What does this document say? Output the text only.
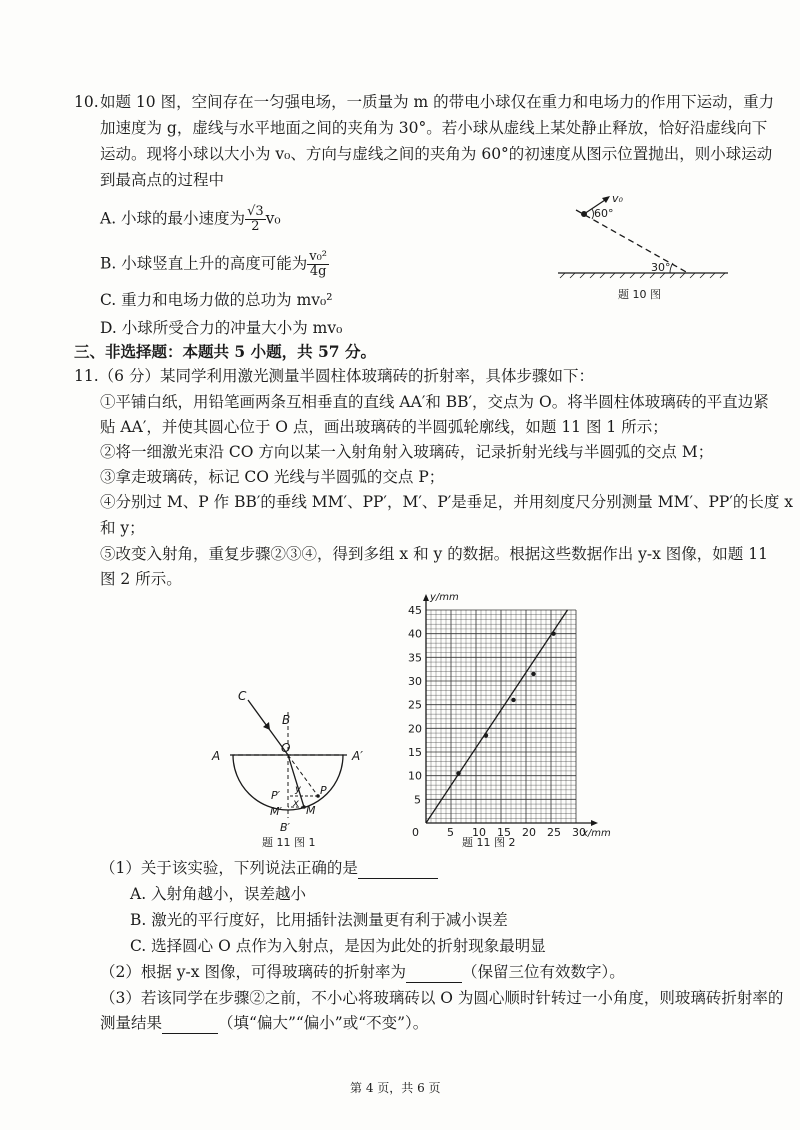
10. 如题 10 图，空间存在一匀强电场，一质量为 m 的带电小球仅在重力和电场力的作用下运动，重力
加速度为 g，虚线与水平地面之间的夹角为 30°。若小球从虚线上某处静止释放，恰好沿虚线向下
运动。现将小球以大小为 v₀、方向与虚线之间的夹角为 60°的初速度从图示位置抛出，则小球运动
到最高点的过程中
A. 小球的最小速度为 $\frac{√3}{2} v_0$
B. 小球竖直上升的高度可能为 $\frac{\text{v₀²}}{4g}$
C. 重力和电场力做的总功为 mv₀²
D. 小球所受合力的冲量大小为 mv₀
v₀
60°
30°
题 10 图
三、非选择题：本题共 5 小题，共 57 分。
11.（6 分）某同学利用激光测量半圆柱体玻璃砖的折射率，具体步骤如下：
①平铺白纸，用铅笔画两条互相垂直的直线 AA′和 BB′，交点为 O。将半圆柱体玻璃砖的平直边紧
贴 AA′，并使其圆心位于 O 点，画出玻璃砖的半圆弧轮廓线，如题 11 图 1 所示；
②将一细激光束沿 CO 方向以某一入射角射入玻璃砖，记录折射光线与半圆弧的交点 M；
③拿走玻璃砖，标记 CO 光线与半圆弧的交点 P；
④分别过 M、P 作 BB′的垂线 MM′、PP′，M′、P′是垂足，并用刻度尺分别测量 MM′、PP′的长度 x
和 y；
⑤改变入射角，重复步骤②③④，得到多组 x 和 y 的数据。根据这些数据作出 y-x 图像，如题 11
图 2 所示。
C
B
O
A	A′
P
P′ y
x
M′ M
B′
题 11 图 1
0	5 10 15 20 25 30
5
10
15
20
25
30
35
40
45
x/mm
y/mm
题 11 图 2
（1）关于该实验，下列说法正确的是
A. 入射角越小，误差越小
B. 激光的平行度好，比用插针法测量更有利于减小误差
C. 选择圆心 O 点作为入射点，是因为此处的折射现象最明显
（2）根据 y-x 图像，可得玻璃砖的折射率为	（保留三位有效数字）。
（3）若该同学在步骤②之前，不小心将玻璃砖以 O 为圆心顺时针转过一小角度，则玻璃砖折射率的
测量结果	（填“偏大”“偏小”或“不变”）。
第 4 页，共 6 页
